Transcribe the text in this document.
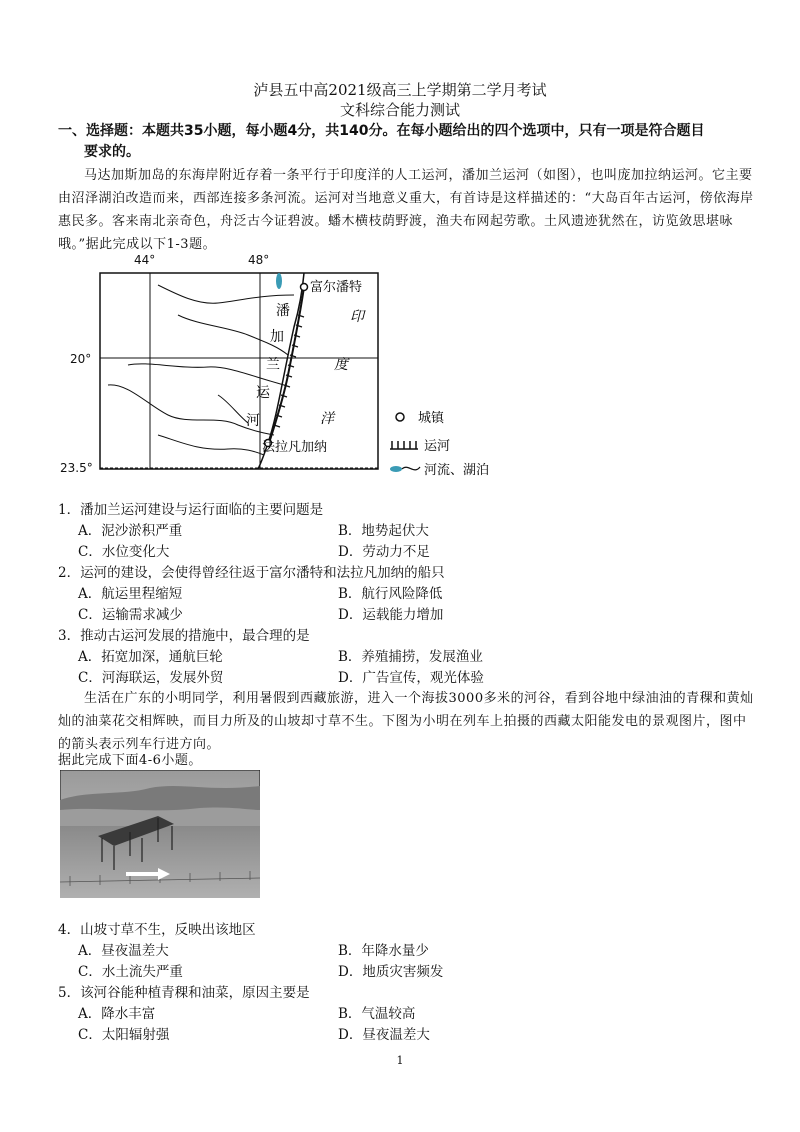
泸县五中高2021级高三上学期第二学月考试
文科综合能力测试
一、选择题：本题共35小题，每小题4分，共140分。在每小题给出的四个选项中，只有一项是符合题目
要求的。
马达加斯加岛的东海岸附近存着一条平行于印度洋的人工运河，潘加兰运河（如图），也叫庞加拉纳运河。它主要由沼泽湖泊改造而来，西部连接多条河流。运河对当地意义重大，有首诗是这样描述的：“大岛百年古运河，傍依海岸惠民多。客来南北亲奇色，舟泛古今证碧波。蟠木横枝荫野渡，渔夫布网起劳歌。土风遗迹犹然在，访览敛思堪咏哦。”据此完成以下1-3题。
富尔潘特
法拉凡加纳
潘
加
兰
运
河
印
度
洋
44°	48°
20°
23.5°
城镇
运河
河流、湖泊
1．潘加兰运河建设与运行面临的主要问题是
A．泥沙淤积严重	B．地势起伏大
C．水位变化大	D．劳动力不足
2．运河的建设，会使得曾经往返于富尔潘特和法拉凡加纳的船只
A．航运里程缩短	B．航行风险降低
C．运输需求减少	D．运载能力增加
3．推动古运河发展的措施中，最合理的是
A．拓宽加深，通航巨轮	B．养殖捕捞，发展渔业
C．河海联运，发展外贸	D．广告宣传，观光体验
生活在广东的小明同学，利用暑假到西藏旅游，进入一个海拔3000多米的河谷，看到谷地中绿油油的青稞和黄灿灿的油菜花交相辉映，而目力所及的山坡却寸草不生。下图为小明在列车上拍摄的西藏太阳能发电的景观图片，图中的箭头表示列车行进方向。
据此完成下面4-6小题。
4．山坡寸草不生，反映出该地区
A．昼夜温差大	B．年降水量少
C．水土流失严重	D．地质灾害频发
5．该河谷能种植青稞和油菜，原因主要是
A．降水丰富	B．气温较高
C．太阳辐射强	D．昼夜温差大
1
